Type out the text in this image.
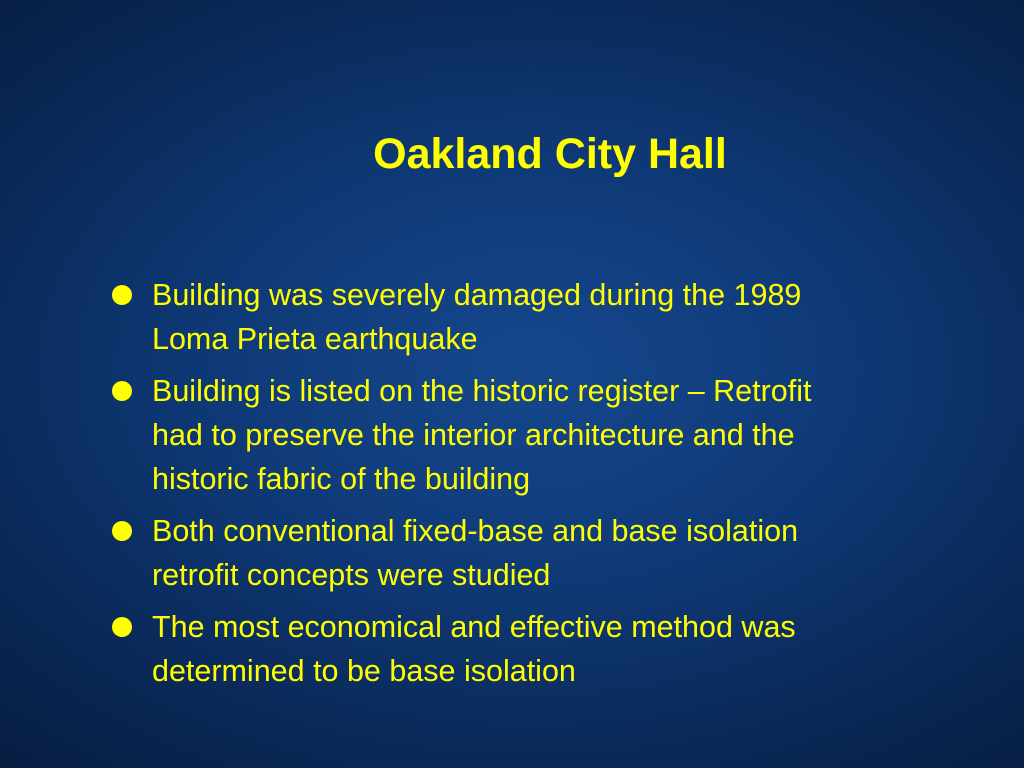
Oakland City Hall
Building was severely damaged during the 1989
Loma Prieta earthquake
Building is listed on the historic register – Retrofit
had to preserve the interior architecture and the
historic fabric of the building
Both conventional fixed-base and base isolation
retrofit concepts were studied
The most economical and effective method was
determined to be base isolation
